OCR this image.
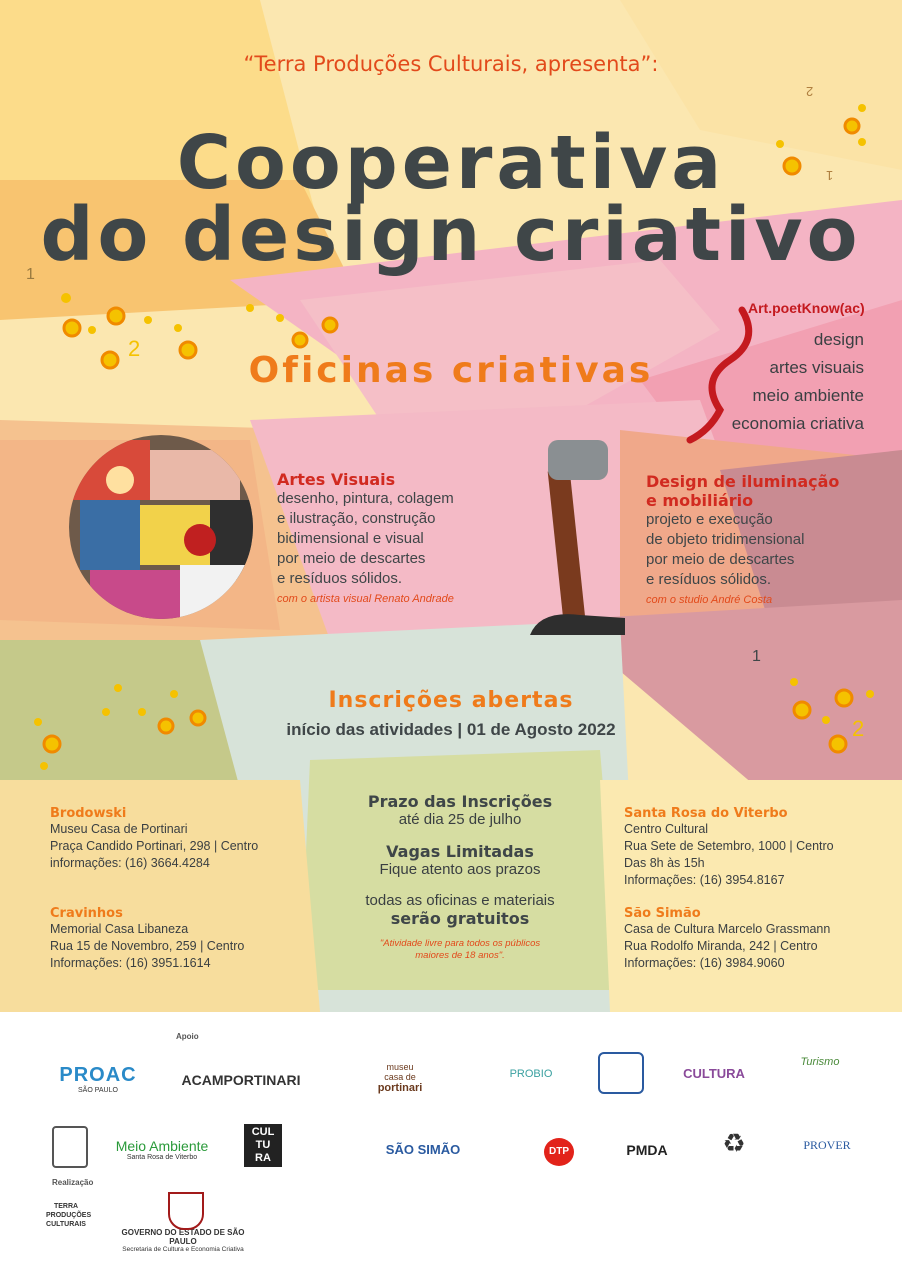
1
2
2
1
1
2
“Terra Produções Culturais, apresenta”:
Cooperativa
do design criativo
Oficinas criativas
Art.poetKnow(ac)
design
artes visuais
meio ambiente
economia criativa
Artes Visuais
desenho, pintura, colagem
e ilustração, construção
bidimensional e visual
por meio de descartes
e resíduos sólidos.
com o artista visual Renato Andrade
Design de iluminação
e mobiliário
projeto e execução
de objeto tridimensional
por meio de descartes
e resíduos sólidos.
com o studio André Costa
Inscrições abertas
início das atividades | 01 de Agosto 2022
Brodowski
Museu Casa de Portinari
Praça Candido Portinari, 298 | Centro
informações: (16) 3664.4284
Cravinhos
Memorial Casa Libaneza
Rua 15 de Novembro, 259 | Centro
Informações: (16) 3951.1614
Santa Rosa do Viterbo
Centro Cultural
Rua Sete de Setembro, 1000 | Centro
Das 8h às 15h
Informações: (16) 3954.8167
São Simão
Casa de Cultura Marcelo Grassmann
Rua Rodolfo Miranda, 242 | Centro
Informações: (16) 3984.9060
Prazo das Inscrições
até dia 25 de julho
Vagas Limitadas
Fique atento aos prazos
todas as oficinas e materiais
serão gratuitos
"Atividade livre para todos os públicos
maiores de 18 anos".
Apoio
PROAC
SÃO PAULO
ACAMPORTINARI
museu
casa de
portinari
PROBIO	CULTURA
Turismo
Meio Ambiente
Santa Rosa de Viterbo
CUL
TU
RA
SÃO SIMÃO	DTP	PMDA	♻	PROVER
Realização
TERRA
PRODUÇÕES
CULTURAIS
GOVERNO DO ESTADO DE SÃO PAULO
Secretaria de Cultura e Economia Criativa
